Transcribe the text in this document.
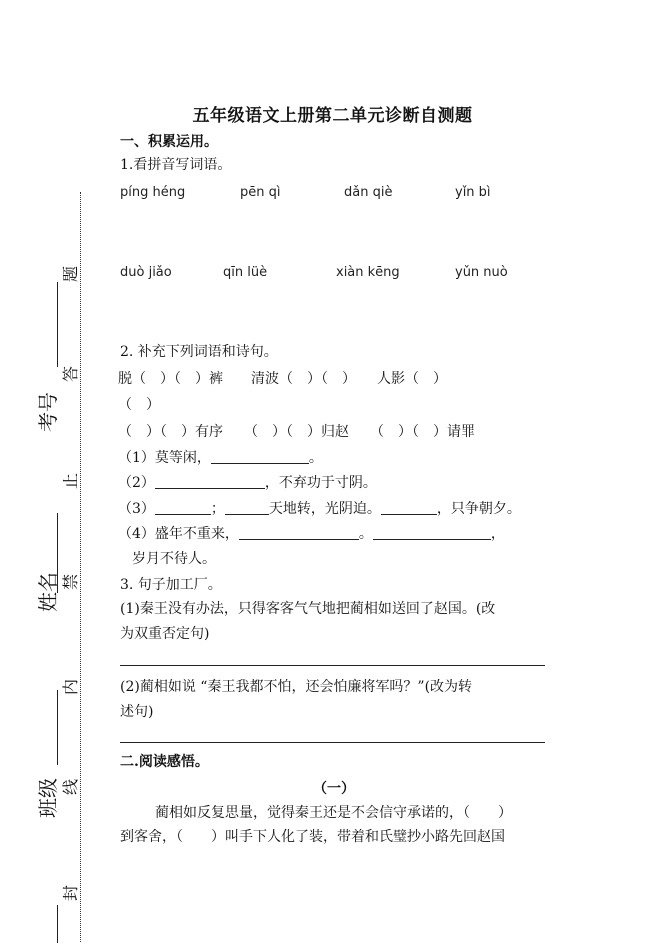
题
答
止
禁
内
线
封
考号
姓名
班级
五年级语文上册第二单元诊断自测题
一、积累运用。
1.看拼音写词语。
píng héng	pēn qì	dǎn qiè	yǐn bì
duò jiǎo	qīn lüè	xiàn kēng	yǔn nuò
2. 补充下列词语和诗句。
脱（　）（　）裤　　清波（　）（　）　　人影（　）
（　）
（　）（　）有序　　（　）（　）归赵　　（　）（　）请罪
（1）莫等闲，	。
（2）	，不弃功于寸阴。
（3）	；	天地转，光阴迫。	，只争朝夕。
（4）盛年不重来，	。	，
岁月不待人。
3. 句子加工厂。
(1)秦王没有办法，只得客客气气地把蔺相如送回了赵国。(改
为双重否定句)
(2)蔺相如说 “秦王我都不怕，还会怕廉将军吗？”(改为转
述句)
二.阅读感悟。
（一）
蔺相如反复思量，觉得秦王还是不会信守承诺的，（　　）
到客舍，（　　）叫手下人化了装，带着和氏璧抄小路先回赵国
